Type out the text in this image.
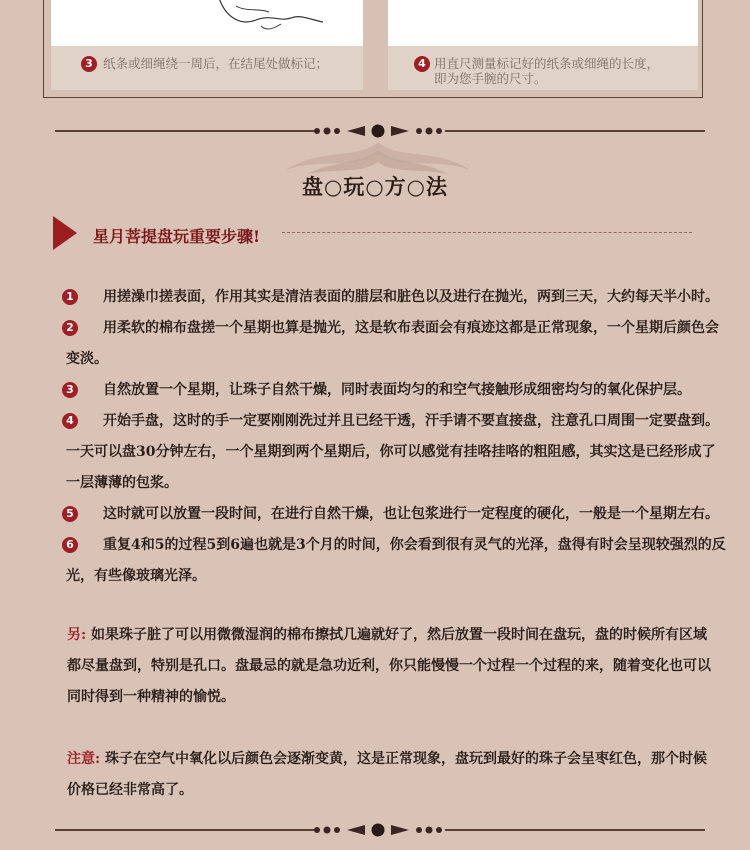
3 纸条或细绳绕一周后，在结尾处做标记；	4 用直尺测量标记好的纸条或细绳的长度，
即为您手腕的尺寸。
盘○玩○方○法
星月菩提盘玩重要步骤!
1 用搓澡巾搓表面，作用其实是清洁表面的腊层和脏色以及进行在抛光，两到三天，大约每天半小时。
2 用柔软的棉布盘搓一个星期也算是抛光，这是软布表面会有痕迹这都是正常现象，一个星期后颜色会变淡。
3 自然放置一个星期，让珠子自然干燥，同时表面均匀的和空气接触形成细密均匀的氧化保护层。
4 开始手盘，这时的手一定要刚刚洗过并且已经干透，汗手请不要直接盘，注意孔口周围一定要盘到。一天可以盘30分钟左右，一个星期到两个星期后，你可以感觉有挂咯挂咯的粗阻感，其实这是已经形成了一层薄薄的包浆。
5 这时就可以放置一段时间，在进行自然干燥，也让包浆进行一定程度的硬化，一般是一个星期左右。
6 重复4和5的过程5到6遍也就是3个月的时间，你会看到很有灵气的光泽，盘得有时会呈现较强烈的反光，有些像玻璃光泽。
另: 如果珠子脏了可以用微微湿润的棉布擦拭几遍就好了，然后放置一段时间在盘玩，盘的时候所有区域都尽量盘到，特别是孔口。盘最忌的就是急功近利，你只能慢慢一个过程一个过程的来，随着变化也可以同时得到一种精神的愉悦。
注意: 珠子在空气中氧化以后颜色会逐渐变黄，这是正常现象，盘玩到最好的珠子会呈枣红色，那个时候价格已经非常高了。
